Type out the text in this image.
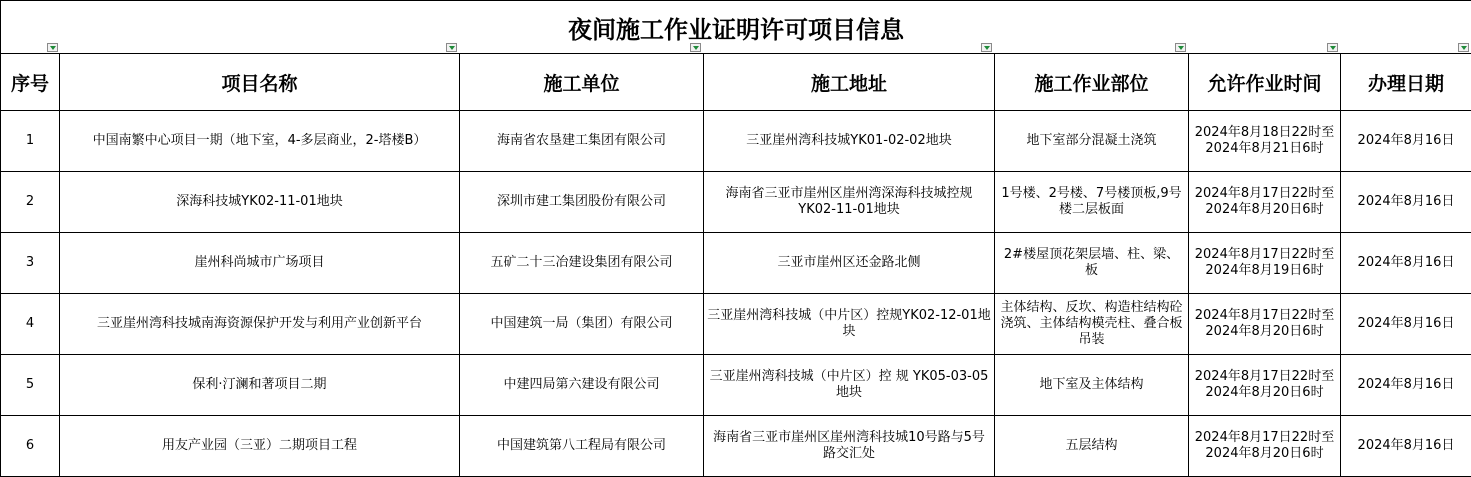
夜间施工作业证明许可项目信息						

序号	项目名称	施工单位	施工地址	施工作业部位	允许作业时间	办理日期
1	中国南繁中心项目一期（地下室，4-多层商业，2-塔楼B）	海南省农垦建工集团有限公司	三亚崖州湾科技城YK01-02-02地块	地下室部分混凝土浇筑	2024年8月18日22时至2024年8月21日6时	2024年8月16日
2	深海科技城YK02-11-01地块	深圳市建工集团股份有限公司	海南省三亚市崖州区崖州湾深海科技城控规YK02-11-01地块	1号楼、2号楼、7号楼顶板,9号楼二层板面	2024年8月17日22时至2024年8月20日6时	2024年8月16日
3	崖州科尚城市广场项目	五矿二十三冶建设集团有限公司	三亚市崖州区还金路北侧	2#楼屋顶花架层墙、柱、梁、板	2024年8月17日22时至2024年8月19日6时	2024年8月16日
4	三亚崖州湾科技城南海资源保护开发与利用产业创新平台	中国建筑一局（集团）有限公司	三亚崖州湾科技城（中片区）控规YK02-12-01地块	主体结构、反坎、构造柱结构砼浇筑、主体结构模壳柱、叠合板吊装	2024年8月17日22时至2024年8月20日6时	2024年8月16日
5	保利·汀澜和著项目二期	中建四局第六建设有限公司	三亚崖州湾科技城（中片区）控 规 YK05-03-05 地块	地下室及主体结构	2024年8月17日22时至2024年8月20日6时	2024年8月16日
6	用友产业园（三亚）二期项目工程	中国建筑第八工程局有限公司	海南省三亚市崖州区崖州湾科技城10号路与5号路交汇处	五层结构	2024年8月17日22时至2024年8月20日6时	2024年8月16日
